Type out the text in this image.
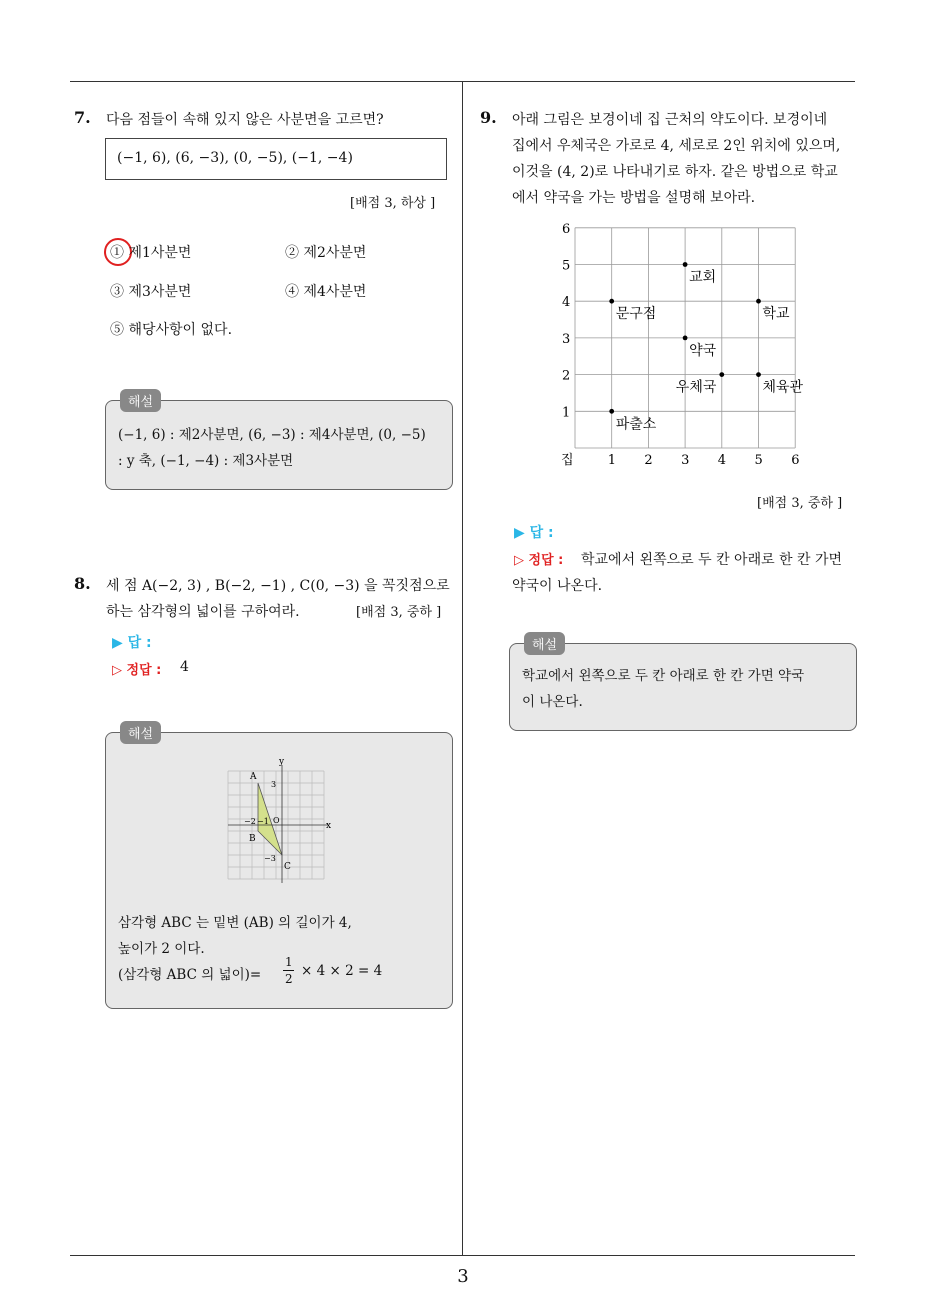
3
7. 다음 점들이 속해 있지 않은 사분면을 고르면?
(−1, 6), (6, −3), (0, −5), (−1, −4)
[배점 3, 하상 ]
① 제1사분면	② 제2사분면
③ 제3사분면	④ 제4사분면
⑤ 해당사항이 없다.
(−1, 6) : 제2사분면, (6, −3) : 제4사분면, (0, −5)
: y 축, (−1, −4) : 제3사분면
해설
8. 세 점 A(−2, 3) , B(−2, −1) , C(0, −3) 을 꼭짓점으로
하는 삼각형의 넓이를 구하여라.	[배점 3, 중하 ]
▶ 답 :
▷ 정답 : 4
x
y
A
B
C
3
O
−2 −1
−3
삼각형 ABC 는 밑변 (AB) 의 길이가 4,
높이가 2 이다.
(삼각형 ABC 의 넓이)=
1
2 × 4 × 2 = 4
해설
9. 아래 그림은 보경이네 집 근처의 약도이다. 보경이네
집에서 우체국은 가로로 4, 세로로 2인 위치에 있으며,
이것을 (4, 2)로 나타내기로 하자. 같은 방법으로 학교
에서 약국을 가는 방법을 설명해 보아라.
1 2 3 4 5 6
1
2
3
4
5
6
교회
문구점	학교
약국
우체국	체육관
파출소
집
[배점 3, 중하 ]
▶ 답 :
▷ 정답 : 학교에서 왼쪽으로 두 칸 아래로 한 칸 가면
약국이 나온다.
학교에서 왼쪽으로 두 칸 아래로 한 칸 가면 약국
이 나온다.
해설
